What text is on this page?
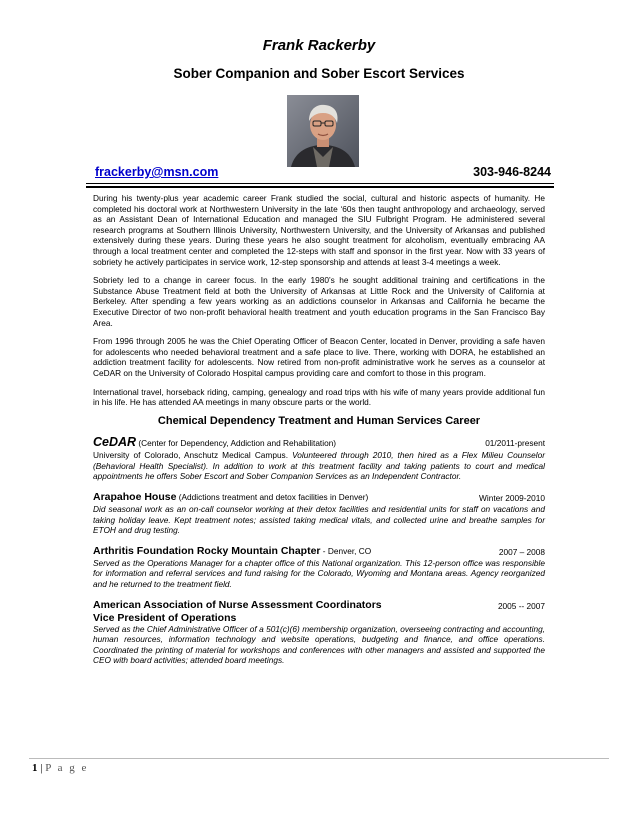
Frank Rackerby
Sober Companion and Sober Escort Services
frackerby@msn.com	303-946-8244

During his twenty-plus year academic career Frank studied the social, cultural and historic aspects of humanity. He completed his doctoral work at Northwestern University in the late ‘60s then taught anthropology and archaeology, served as an Assistant Dean of International Education and managed the SIU Fulbright Program. He administered several research programs at Southern Illinois University, Northwestern University, and the University of Arkansas and published extensively during these years. During these years he also sought treatment for alcoholism, eventually embracing AA through a local treatment center and completed the 12-steps with staff and sponsor in the first year. Now with 33 years of sobriety he actively participates in service work, 12-step sponsorship and attends at least 3-4 meetings a week.

Sobriety led to a change in career focus. In the early 1980’s he sought additional training and certifications in the Substance Abuse Treatment field at both the University of Arkansas at Little Rock and the University of California at Berkeley. After spending a few years working as an addictions counselor in Arkansas and California he became the Executive Director of two non-profit behavioral health treatment and youth education programs in the San Francisco Bay Area.

From 1996 through 2005 he was the Chief Operating Officer of Beacon Center, located in Denver, providing a safe haven for adolescents who needed behavioral treatment and a safe place to live. There, working with DORA, he established an addiction treatment facility for adolescents. Now retired from non-profit administrative work he serves as a counselor at CeDAR on the University of Colorado Hospital campus providing care and comfort to those in this program.

International travel, horseback riding, camping, genealogy and road trips with his wife of many years provide additional fun in his life. He has attended AA meetings in many obscure parts or the world.

Chemical Dependency Treatment and Human Services Career
CeDAR (Center for Dependency, Addiction and Rehabilitation)	01/2011-present
University of Colorado, Anschutz Medical Campus. Volunteered through 2010, then hired as a Flex Milieu Counselor (Behavioral Health Specialist). In addition to work at this treatment facility and taking patients to court and medical appointments he offers Sober Escort and Sober Companion Services as an Independent Contractor.
Arapahoe House (Addictions treatment and detox facilities in Denver)	Winter 2009-2010
Did seasonal work as an on-call counselor working at their detox facilities and residential units for staff on vacations and taking holiday leave. Kept treatment notes; assisted taking medical vitals, and collected urine and breathe samples for ETOH and drug testing.
Arthritis Foundation Rocky Mountain Chapter - Denver, CO	2007 – 2008
Served as the Operations Manager for a chapter office of this National organization. This 12-person office was responsible for information and referral services and fund raising for the Colorado, Wyoming and Montana areas. Agency reorganized and he returned to the treatment field.
American Association of Nurse Assessment Coordinators	2005 -- 2007
Vice President of Operations
Served as the Chief Administrative Officer of a 501(c)(6) membership organization, overseeing contracting and accounting, human resources, information technology and website operations, budgeting and finance, and office operations. Coordinated the printing of material for workshops and conferences with other managers and assisted and supported the CEO with board activities; attended board meetings.
1 | P a g e
